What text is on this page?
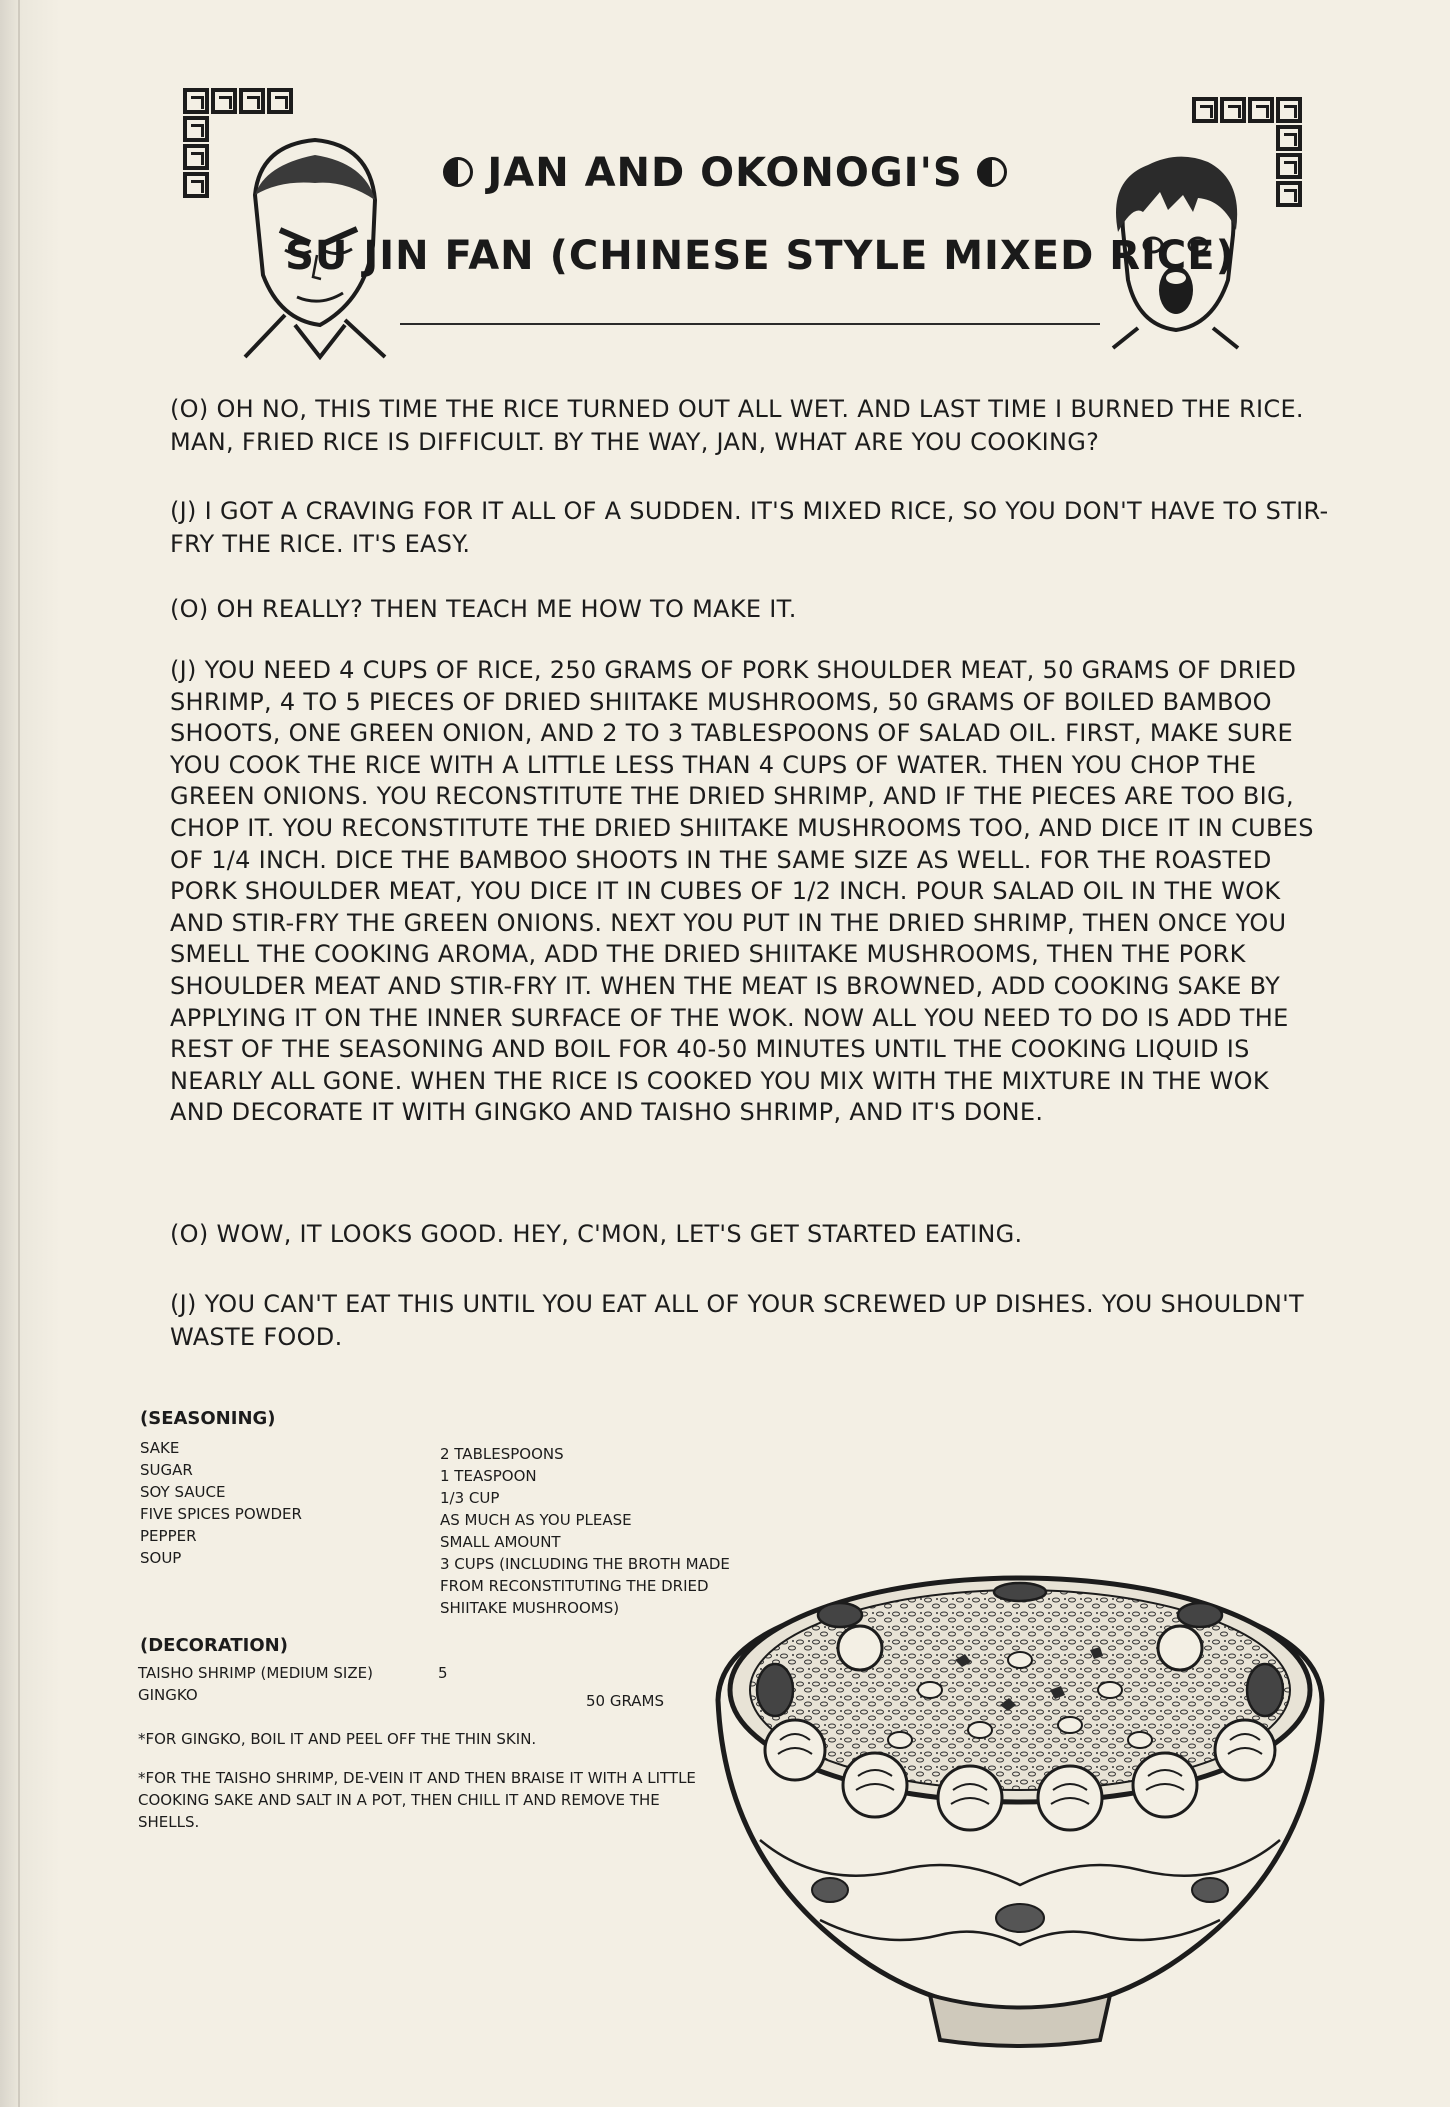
JAN AND OKONOGI'S
SU JIN FAN (CHINESE STYLE MIXED RICE)
(O) OH NO, THIS TIME THE RICE TURNED OUT ALL WET. AND LAST TIME I BURNED THE RICE. MAN, FRIED RICE IS DIFFICULT. BY THE WAY, JAN, WHAT ARE YOU COOKING?
(J) I GOT A CRAVING FOR IT ALL OF A SUDDEN. IT'S MIXED RICE, SO YOU DON'T HAVE TO STIR-FRY THE RICE. IT'S EASY.
(O) OH REALLY? THEN TEACH ME HOW TO MAKE IT.
(J) YOU NEED 4 CUPS OF RICE, 250 GRAMS OF PORK SHOULDER MEAT, 50 GRAMS OF DRIED SHRIMP, 4 TO 5 PIECES OF DRIED SHIITAKE MUSHROOMS, 50 GRAMS OF BOILED BAMBOO SHOOTS, ONE GREEN ONION, AND 2 TO 3 TABLESPOONS OF SALAD OIL. FIRST, MAKE SURE YOU COOK THE RICE WITH A LITTLE LESS THAN 4 CUPS OF WATER. THEN YOU CHOP THE GREEN ONIONS. YOU RECONSTITUTE THE DRIED SHRIMP, AND IF THE PIECES ARE TOO BIG, CHOP IT. YOU RECONSTITUTE THE DRIED SHIITAKE MUSHROOMS TOO, AND DICE IT IN CUBES OF 1/4 INCH. DICE THE BAMBOO SHOOTS IN THE SAME SIZE AS WELL. FOR THE ROASTED PORK SHOULDER MEAT, YOU DICE IT IN CUBES OF 1/2 INCH. POUR SALAD OIL IN THE WOK AND STIR-FRY THE GREEN ONIONS. NEXT YOU PUT IN THE DRIED SHRIMP, THEN ONCE YOU SMELL THE COOKING AROMA, ADD THE DRIED SHIITAKE MUSHROOMS, THEN THE PORK SHOULDER MEAT AND STIR-FRY IT. WHEN THE MEAT IS BROWNED, ADD COOKING SAKE BY APPLYING IT ON THE INNER SURFACE OF THE WOK. NOW ALL YOU NEED TO DO IS ADD THE REST OF THE SEASONING AND BOIL FOR 40-50 MINUTES UNTIL THE COOKING LIQUID IS NEARLY ALL GONE. WHEN THE RICE IS COOKED YOU MIX WITH THE MIXTURE IN THE WOK AND DECORATE IT WITH GINGKO AND TAISHO SHRIMP, AND IT'S DONE.
(O) WOW, IT LOOKS GOOD. HEY, C'MON, LET'S GET STARTED EATING.
(J) YOU CAN'T EAT THIS UNTIL YOU EAT ALL OF YOUR SCREWED UP DISHES. YOU SHOULDN'T WASTE FOOD.
(SEASONING)
SAKE	2 TABLESPOONS
SUGAR	1 TEASPOON
SOY SAUCE	1/3 CUP
FIVE SPICES POWDER	AS MUCH AS YOU PLEASE
PEPPER	SMALL AMOUNT
SOUP	3 CUPS (INCLUDING THE BROTH MADE FROM RECONSTITUTING THE DRIED SHIITAKE MUSHROOMS)
(DECORATION)
TAISHO SHRIMP (MEDIUM SIZE)	5
GINGKO	50 GRAMS
*FOR GINGKO, BOIL IT AND PEEL OFF THE THIN SKIN.
*FOR THE TAISHO SHRIMP, DE-VEIN IT AND THEN BRAISE IT WITH A LITTLE COOKING SAKE AND SALT IN A POT, THEN CHILL IT AND REMOVE THE SHELLS.
